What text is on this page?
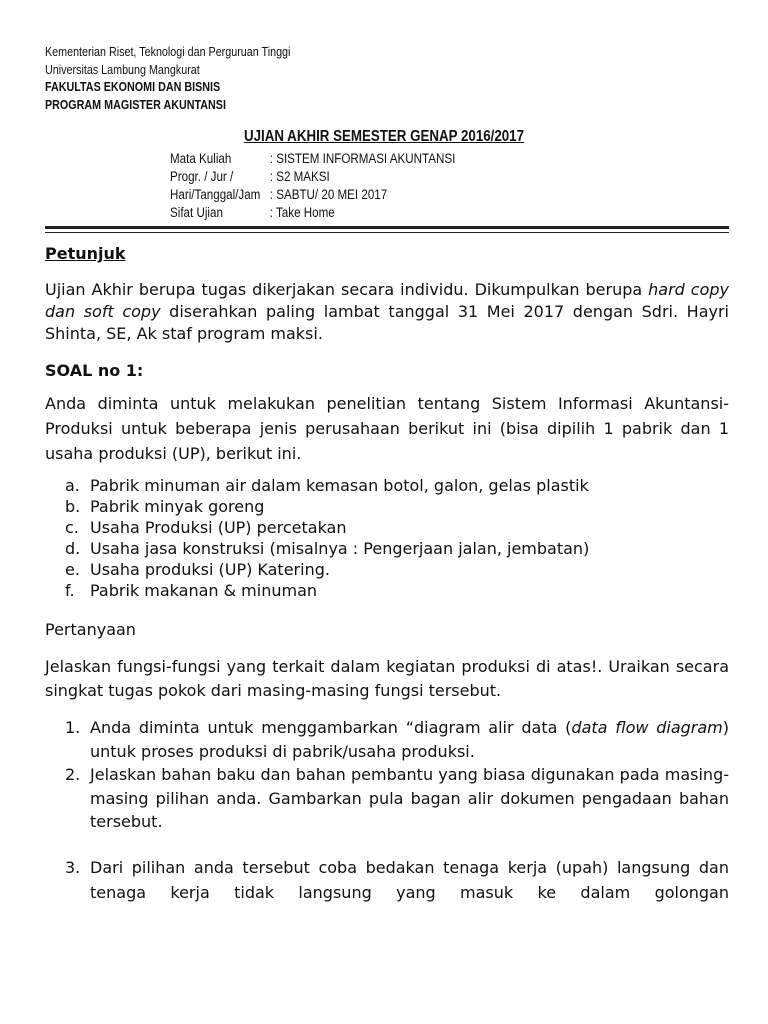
Kementerian Riset, Teknologi dan Perguruan Tinggi
Universitas Lambung Mangkurat
FAKULTAS EKONOMI DAN BISNIS
PROGRAM MAGISTER AKUNTANSI
UJIAN AKHIR SEMESTER GENAP 2016/2017
Mata Kuliah	: SISTEM INFORMASI AKUNTANSI
Progr. / Jur /	: S2 MAKSI
Hari/Tanggal/Jam : SABTU/ 20 MEI 2017
Sifat Ujian	: Take Home

Petunjuk

Ujian Akhir berupa tugas dikerjakan secara individu. Dikumpulkan berupa hard copy dan soft copy diserahkan paling lambat tanggal 31 Mei 2017 dengan Sdri. Hayri Shinta, SE, Ak staf program maksi.

SOAL no 1:

Anda diminta untuk melakukan penelitian tentang Sistem Informasi Akuntansi- Produksi untuk beberapa jenis perusahaan berikut ini (bisa dipilih 1 pabrik dan 1 usaha produksi (UP), berikut ini.

a. Pabrik minuman air dalam kemasan botol, galon, gelas plastik
b. Pabrik minyak goreng
c. Usaha Produksi (UP) percetakan
d. Usaha jasa konstruksi (misalnya : Pengerjaan jalan, jembatan)
e. Usaha produksi (UP) Katering.
f. Pabrik makanan & minuman

Pertanyaan

Jelaskan fungsi-fungsi yang terkait dalam kegiatan produksi di atas!. Uraikan secara singkat tugas pokok dari masing-masing fungsi tersebut.

1. Anda diminta untuk menggambarkan “diagram alir data (data flow diagram) untuk proses produksi di pabrik/usaha produksi.
2. Jelaskan bahan baku dan bahan pembantu yang biasa digunakan pada masing-masing pilihan anda. Gambarkan pula bagan alir dokumen pengadaan bahan tersebut.
3. Dari pilihan anda tersebut coba bedakan tenaga kerja (upah) langsung dan tenaga kerja tidak langsung yang masuk ke dalam golongan
